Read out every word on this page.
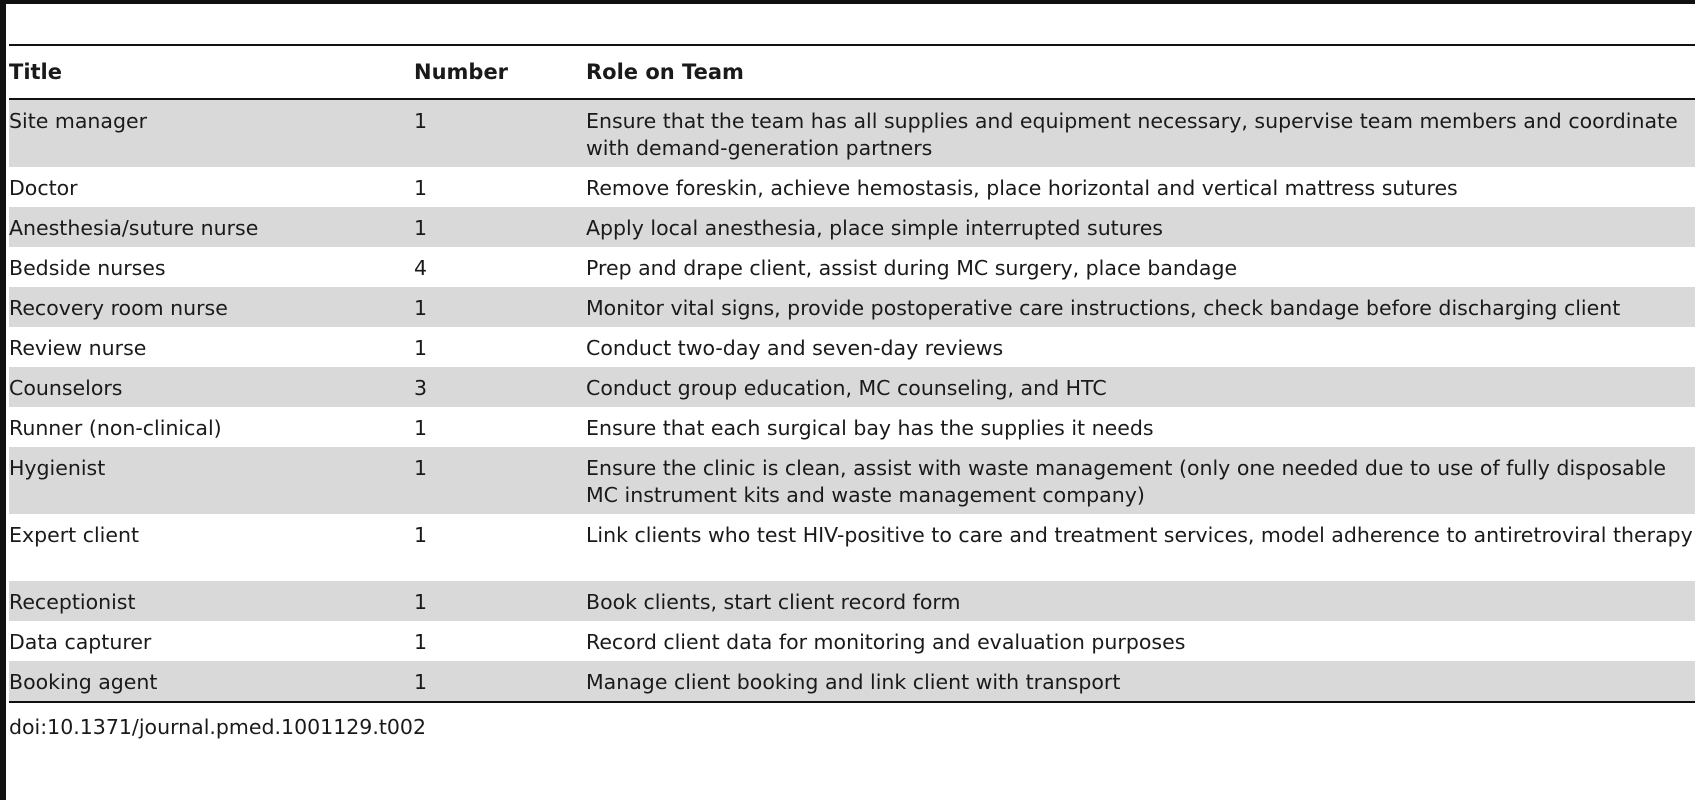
Title	Number	Role on Team
Site manager	1	Ensure that the team has all supplies and equipment necessary, supervise team members and coordinate with demand-generation partners
Doctor	1	Remove foreskin, achieve hemostasis, place horizontal and vertical mattress sutures
Anesthesia/suture nurse	1	Apply local anesthesia, place simple interrupted sutures
Bedside nurses	4	Prep and drape client, assist during MC surgery, place bandage
Recovery room nurse	1	Monitor vital signs, provide postoperative care instructions, check bandage before discharging client
Review nurse	1	Conduct two-day and seven-day reviews
Counselors	3	Conduct group education, MC counseling, and HTC
Runner (non-clinical)	1	Ensure that each surgical bay has the supplies it needs
Hygienist	1	Ensure the clinic is clean, assist with waste management (only one needed due to use of fully disposable MC instrument kits and waste management company)
Expert client	1	Link clients who test HIV-positive to care and treatment services, model adherence to antiretroviral therapy
Receptionist	1	Book clients, start client record form
Data capturer	1	Record client data for monitoring and evaluation purposes
Booking agent	1	Manage client booking and link client with transport
doi:10.1371/journal.pmed.1001129.t002
